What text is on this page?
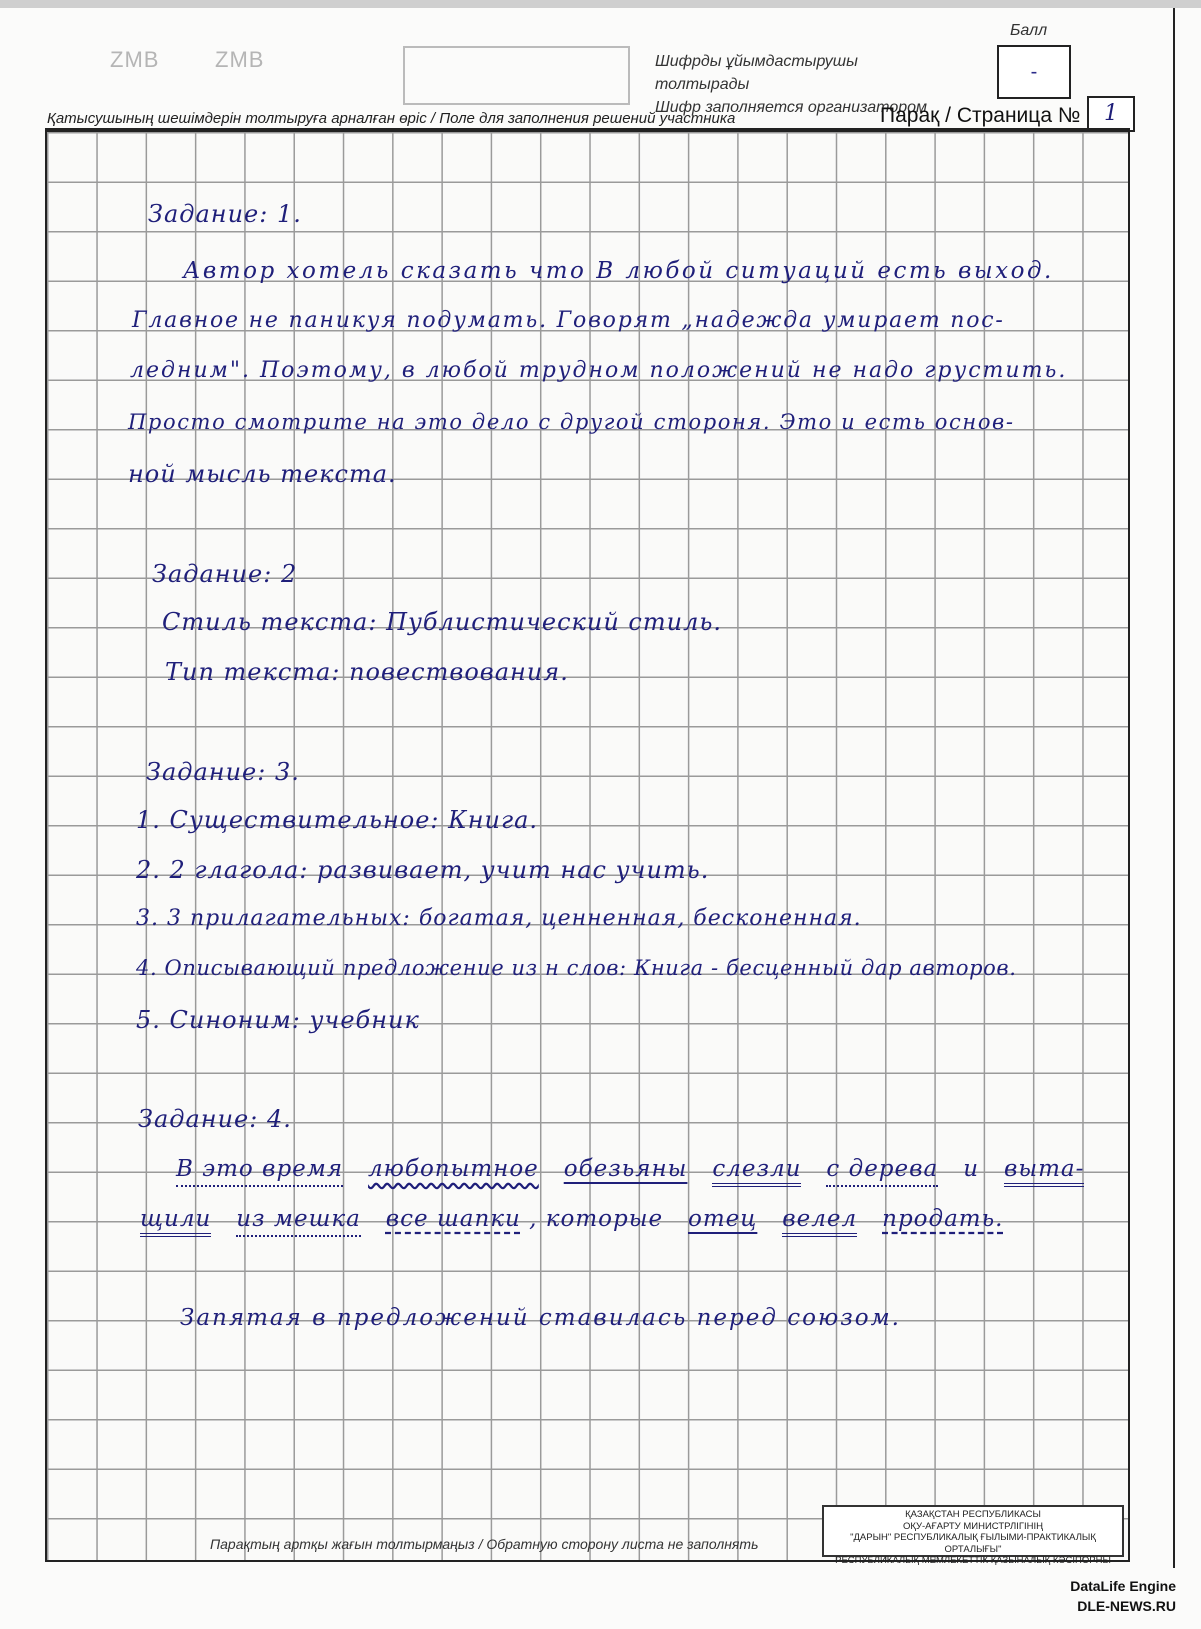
ZMB	ZMB	Шифрды ұйымдастырушы толтырады
Шифр заполняется организатором
Балл
-
Қатысушының шешімдерін толтыруға арналған өріс / Поле для заполнения решений участника	Парақ / Страница №	1
Задание: 1.
Автор хотель сказать что В любой ситуаций есть выход.
Главное не паникуя подумать. Говорят „надежда умирает пос-
ледним". Поэтому, в любой трудном положений не надо грустить.
Просто смотрите на это дело с другой стороня. Это и есть основ-
ной мысль текста.
Задание: 2
Стиль текста: Публистический стиль.
Тип текста: повествования.
Задание: 3.
1. Существительное: Книга.
2. 2 глагола: развивает, учит нас учить.
3. 3 прилагательных: богатая, ценненная, бесконенная.
4. Описывающий предложение из н слов: Книга - бесценный дар авторов.
5. Синоним: учебник
Задание: 4.
В это время любопытное обезьяны слезли с дерева и выта-
щили из мешка все шапки , которые отец велел продать.
Запятая в предложений ставилась перед союзом.
Парақтың артқы жағын толтырмаңыз / Обратную сторону листа не заполнять
ҚАЗАҚСТАН РЕСПУБЛИКАСЫ
ОҚУ-АҒАРТУ МИНИСТРЛІГІНІҢ
"ДАРЫН" РЕСПУБЛИКАЛЫҚ ҒЫЛЫМИ-ПРАКТИКАЛЫҚ ОРТАЛЫҒЫ"
РЕСПУБЛИКАЛЫҚ МЕМЛЕКЕТТІК ҚАЗЫНАЛЫҚ КӘСІПОРНЫ
DataLife Engine
DLE-NEWS.RU
